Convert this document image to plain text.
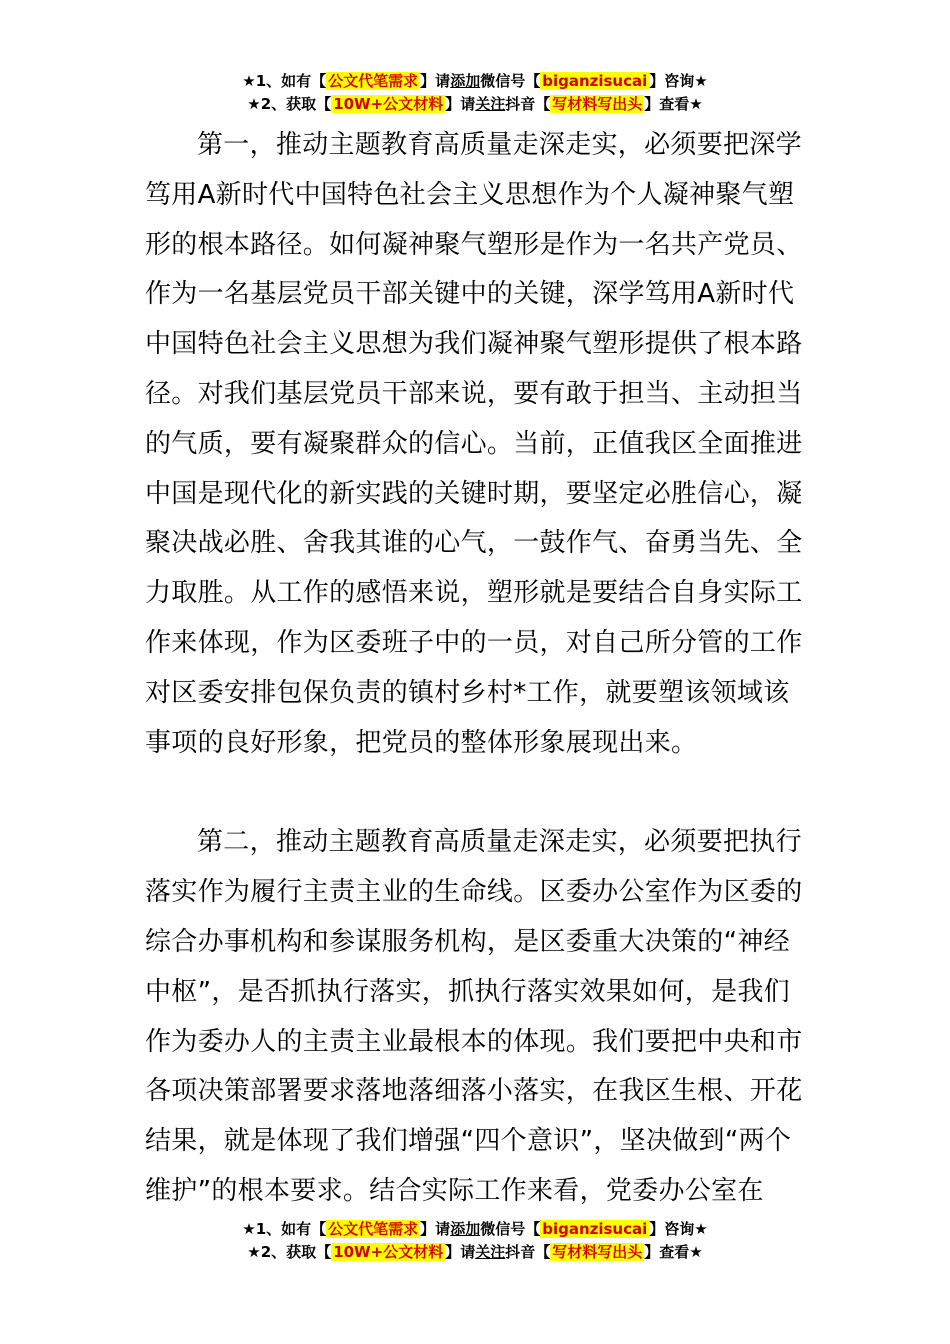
★1、如有【 公文代笔需求 】请添加微信号【 biganzisucai 】咨询★
★2、获取【 10W+公文材料 】请关注抖音【 写材料写出头 】查看★

第一，推动主题教育高质量走深走实，必须要把深学笃用A新时代中国特色社会主义思想作为个人凝神聚气塑形的根本路径。如何凝神聚气塑形是作为一名共产党员、作为一名基层党员干部关键中的关键，深学笃用A新时代中国特色社会主义思想为我们凝神聚气塑形提供了根本路径。对我们基层党员干部来说，要有敢于担当、主动担当的气质，要有凝聚群众的信心。当前，正值我区全面推进中国是现代化的新实践的关键时期，要坚定必胜信心，凝聚决战必胜、舍我其谁的心气，一鼓作气、奋勇当先、全力取胜。从工作的感悟来说，塑形就是要结合自身实际工作来体现，作为区委班子中的一员，对自己所分管的工作对区委安排包保负责的镇村乡村*工作，就要塑该领域该事项的良好形象，把党员的整体形象展现出来。

第二，推动主题教育高质量走深走实，必须要把执行落实作为履行主责主业的生命线。区委办公室作为区委的综合办事机构和参谋服务机构，是区委重大决策的“神经中枢”，是否抓执行落实，抓执行落实效果如何，是我们作为委办人的主责主业最根本的体现。我们要把中央和市各项决策部署要求落地落细落小落实，在我区生根、开花结果，就是体现了我们增强“四个意识”，坚决做到“两个维护”的根本要求。结合实际工作来看，党委办公室在

★1、如有【 公文代笔需求 】请添加微信号【 biganzisucai 】咨询★
★2、获取【 10W+公文材料 】请关注抖音【 写材料写出头 】查看★
